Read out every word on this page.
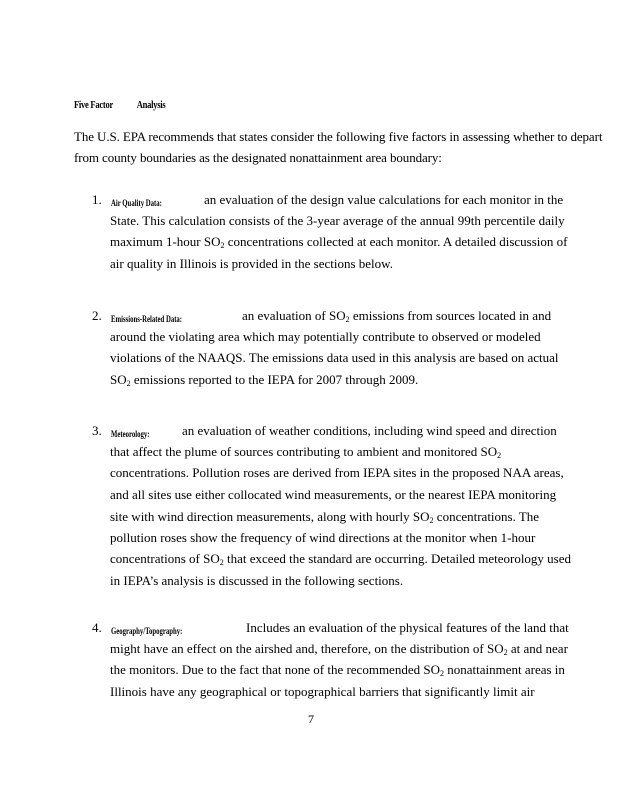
Five Factor Analysis
The U.S. EPA recommends that states consider the following five factors in assessing whether to depart from county boundaries as the designated nonattainment area boundary:
1. Air Quality Data:	an evaluation of the design value calculations for each monitor in the
State. This calculation consists of the 3-year average of the annual 99th percentile daily
maximum 1-hour $SO_2$ concentrations collected at each monitor. A detailed discussion of
air quality in Illinois is provided in the sections below.
2. Emissions-Related Data:	an evaluation of $SO_2$ emissions from sources located in and
around the violating area which may potentially contribute to observed or modeled
violations of the NAAQS. The emissions data used in this analysis are based on actual
$SO_2$ emissions reported to the IEPA for 2007 through 2009.
3. Meteorology:	an evaluation of weather conditions, including wind speed and direction
that affect the plume of sources contributing to ambient and monitored $SO_2$
concentrations. Pollution roses are derived from IEPA sites in the proposed NAA areas,
and all sites use either collocated wind measurements, or the nearest IEPA monitoring
site with wind direction measurements, along with hourly $SO_2$ concentrations. The
pollution roses show the frequency of wind directions at the monitor when 1-hour
concentrations of $SO_2$ that exceed the standard are occurring. Detailed meteorology used
in IEPA’s analysis is discussed in the following sections.
4. Geography/Topography:	Includes an evaluation of the physical features of the land that
might have an effect on the airshed and, therefore, on the distribution of $SO_2$ at and near
the monitors. Due to the fact that none of the recommended $SO_2$ nonattainment areas in
Illinois have any geographical or topographical barriers that significantly limit air
7
